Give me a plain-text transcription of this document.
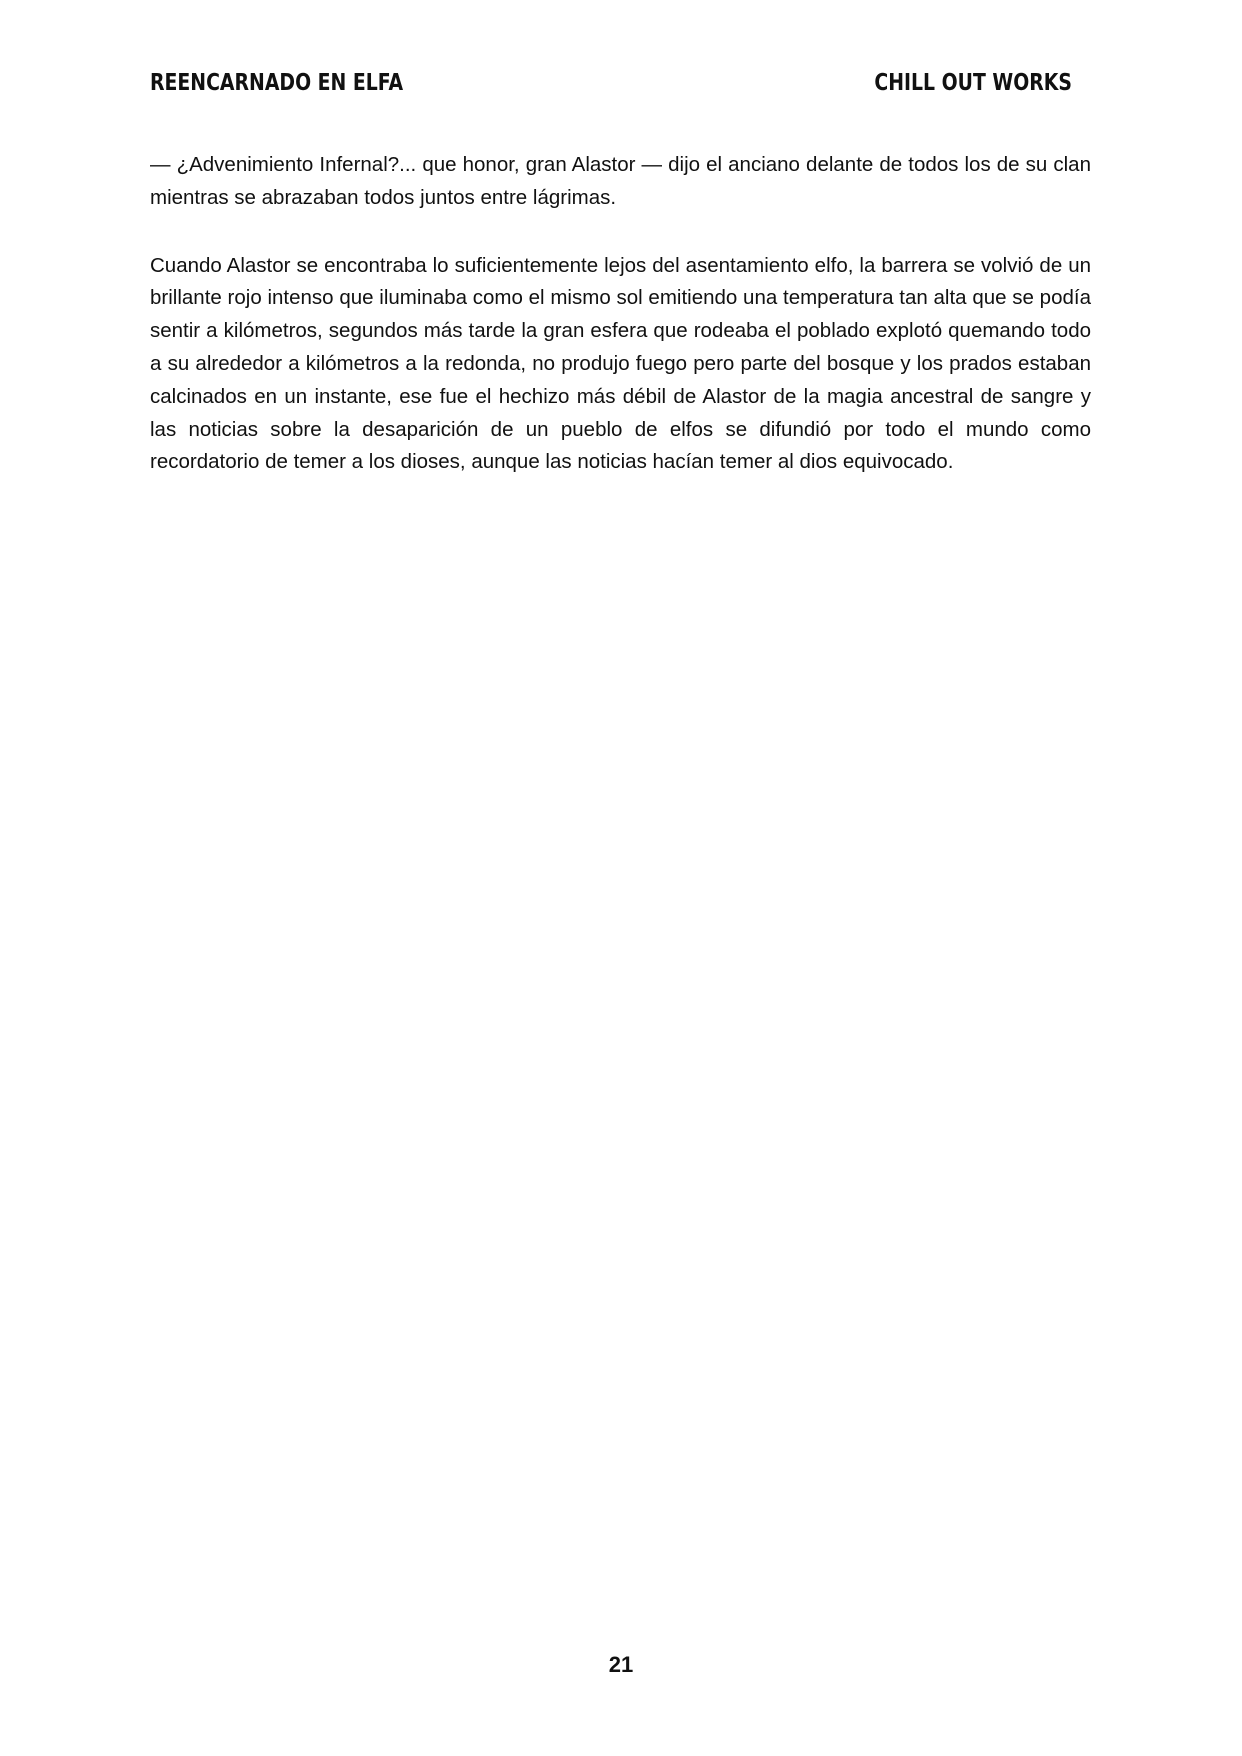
REENCARNADO EN ELFA	CHILL OUT WORKS

— ¿Advenimiento Infernal?... que honor, gran Alastor — dijo el anciano delante de todos los de su clan mientras se abrazaban todos juntos entre lágrimas.

Cuando Alastor se encontraba lo suficientemente lejos del asentamiento elfo, la barrera se volvió de un brillante rojo intenso que iluminaba como el mismo sol emitiendo una temperatura tan alta que se podía sentir a kilómetros, segundos más tarde la gran esfera que rodeaba el poblado explotó quemando todo a su alrededor a kilómetros a la redonda, no produjo fuego pero parte del bosque y los prados estaban calcinados en un instante, ese fue el hechizo más débil de Alastor de la magia ancestral de sangre y las noticias sobre la desaparición de un pueblo de elfos se difundió por todo el mundo como recordatorio de temer a los dioses, aunque las noticias hacían temer al dios equivocado.

21
